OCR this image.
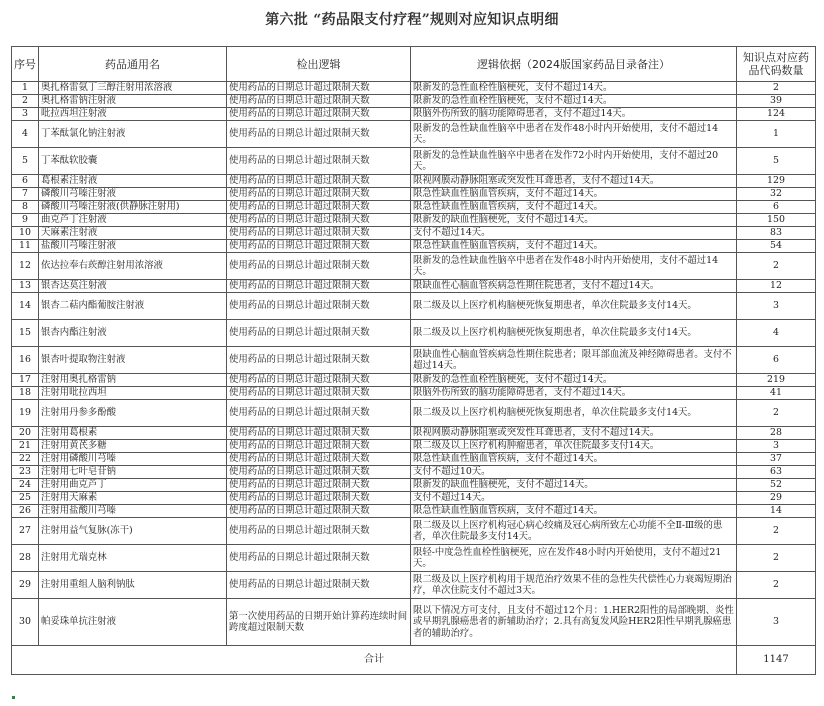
第六批 “药品限支付疗程”规则对应知识点明细
序号	药品通用名	检出逻辑	逻辑依据（2024版国家药品目录备注）	知识点对应药品代码数量
1	奥扎格雷氨丁三醇注射用浓溶液	使用药品的日期总计超过限制天数	限新发的急性血栓性脑梗死，支付不超过14天。	2
2	奥扎格雷钠注射液	使用药品的日期总计超过限制天数	限新发的急性血栓性脑梗死，支付不超过14天。	39
3	吡拉西坦注射液	使用药品的日期总计超过限制天数	限脑外伤所致的脑功能障碍患者，支付不超过14天。	124
4	丁苯酞氯化钠注射液	使用药品的日期总计超过限制天数	限新发的急性缺血性脑卒中患者在发作48小时内开始使用，支付不超过14天。	1
5	丁苯酞软胶囊	使用药品的日期总计超过限制天数	限新发的急性缺血性脑卒中患者在发作72小时内开始使用，支付不超过20天。	5
6	葛根素注射液	使用药品的日期总计超过限制天数	限视网膜动静脉阻塞或突发性耳聋患者，支付不超过14天。	129
7	磷酸川芎嗪注射液	使用药品的日期总计超过限制天数	限急性缺血性脑血管疾病，支付不超过14天。	32
8	磷酸川芎嗪注射液(供静脉注射用)	使用药品的日期总计超过限制天数	限急性缺血性脑血管疾病，支付不超过14天。	6
9	曲克芦丁注射液	使用药品的日期总计超过限制天数	限新发的缺血性脑梗死，支付不超过14天。	150
10	天麻素注射液	使用药品的日期总计超过限制天数	支付不超过14天。	83
11	盐酸川芎嗪注射液	使用药品的日期总计超过限制天数	限急性缺血性脑血管疾病，支付不超过14天。	54
12	依达拉奉右莰醇注射用浓溶液	使用药品的日期总计超过限制天数	限新发的急性缺血性脑卒中患者在发作48小时内开始使用，支付不超过14天。	2
13	银杏达莫注射液	使用药品的日期总计超过限制天数	限缺血性心脑血管疾病急性期住院患者，支付不超过14天。	12
14	银杏二萜内酯葡胺注射液	使用药品的日期总计超过限制天数	限二级及以上医疗机构脑梗死恢复期患者，单次住院最多支付14天。	3
15	银杏内酯注射液	使用药品的日期总计超过限制天数	限二级及以上医疗机构脑梗死恢复期患者，单次住院最多支付14天。	4
16	银杏叶提取物注射液	使用药品的日期总计超过限制天数	限缺血性心脑血管疾病急性期住院患者；限耳部血流及神经障碍患者。支付不超过14天。	6
17	注射用奥扎格雷钠	使用药品的日期总计超过限制天数	限新发的急性血栓性脑梗死，支付不超过14天。	219
18	注射用吡拉西坦	使用药品的日期总计超过限制天数	限脑外伤所致的脑功能障碍患者，支付不超过14天。	41
19	注射用丹参多酚酸	使用药品的日期总计超过限制天数	限二级及以上医疗机构脑梗死恢复期患者，单次住院最多支付14天。	2
20	注射用葛根素	使用药品的日期总计超过限制天数	限视网膜动静脉阻塞或突发性耳聋患者，支付不超过14天。	28
21	注射用黄芪多糖	使用药品的日期总计超过限制天数	限二级及以上医疗机构肿瘤患者，单次住院最多支付14天。	3
22	注射用磷酸川芎嗪	使用药品的日期总计超过限制天数	限急性缺血性脑血管疾病，支付不超过14天。	37
23	注射用七叶皂苷钠	使用药品的日期总计超过限制天数	支付不超过10天。	63
24	注射用曲克芦丁	使用药品的日期总计超过限制天数	限新发的缺血性脑梗死，支付不超过14天。	52
25	注射用天麻素	使用药品的日期总计超过限制天数	支付不超过14天。	29
26	注射用盐酸川芎嗪	使用药品的日期总计超过限制天数	限急性缺血性脑血管疾病，支付不超过14天。	14
27	注射用益气复脉(冻干)	使用药品的日期总计超过限制天数	限二级及以上医疗机构冠心病心绞痛及冠心病所致左心功能不全Ⅱ-Ⅲ级的患者，单次住院最多支付14天。	2
28	注射用尤瑞克林	使用药品的日期总计超过限制天数	限轻-中度急性血栓性脑梗死，应在发作48小时内开始使用，支付不超过21天。	2
29	注射用重组人脑利钠肽	使用药品的日期总计超过限制天数	限二级及以上医疗机构用于规范治疗效果不佳的急性失代偿性心力衰竭短期治疗，单次住院支付不超过3天。	2
30	帕妥珠单抗注射液	第一次使用药品的日期开始计算药连续时间跨度超过限制天数	限以下情况方可支付，且支付不超过12个月：1.HER2阳性的局部晚期、炎性或早期乳腺癌患者的新辅助治疗；2.具有高复发风险HER2阳性早期乳腺癌患者的辅助治疗。	3
合计				1147
